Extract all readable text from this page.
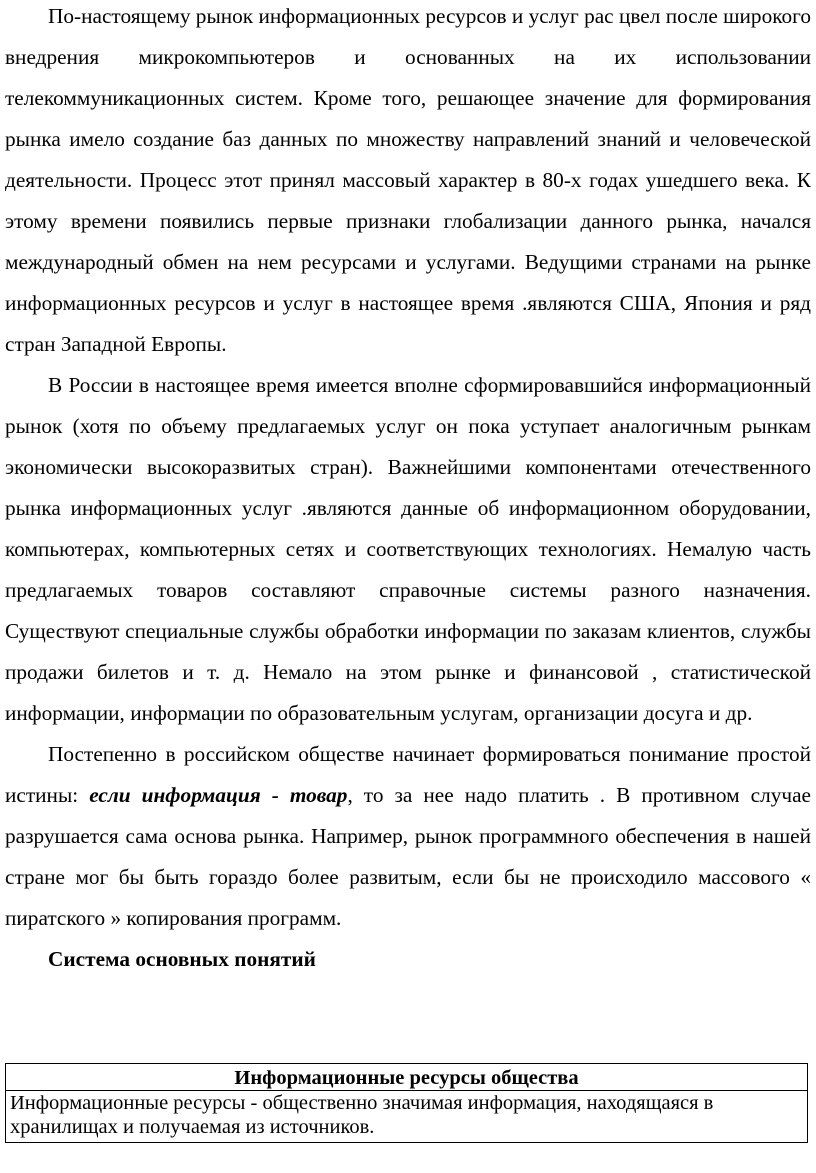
По-настоящему рынок информационных ресурсов и услуг рас цвел после широкого внедрения микрокомпьютеров и основанных на их использовании телекоммуникационных систем. Кроме того, решающее значение для формирования рынка имело создание баз данных по множеству направлений знаний и человеческой деятельности. Процесс этот принял массовый характер в 80-х годах ушедшего века. К этому времени появились первые признаки глобализации данного рынка, начался международный обмен на нем ресурсами и услугами. Ведущими странами на рынке информационных ресурсов и услуг в настоящее время .являются США, Япония и ряд стран Западной Европы.

В России в настоящее время имеется вполне сформировавшийся информационный рынок (хотя по объему предлагаемых услуг он пока уступает аналогичным рынкам экономически высокоразвитых стран). Важнейшими компонентами отечественного рынка информационных услуг .являются данные об информационном оборудовании, компьютерах, компьютерных сетях и соответствующих технологиях. Немалую часть предлагаемых товаров составляют справочные системы разного назначения. Существуют специальные службы обработки информации по заказам клиентов, службы продажи билетов и т. д. Немало на этом рынке и финансовой , статистической информации, информации по образовательным услугам, организации досуга и др.

Постепенно в российском обществе начинает формироваться понимание простой истины: если информация - товар, то за нее надо платить . В противном случае разрушается сама основа рынка. Например, рынок программного обеспечения в нашей стране мог бы быть гораздо более развитым, если бы не происходило массового « пиратского » копирования программ.

Система основных понятий

Информационные ресурсы общества
Информационные ресурсы - общественно значимая информация, находящаяся в хранилищах и получаемая из источников.
